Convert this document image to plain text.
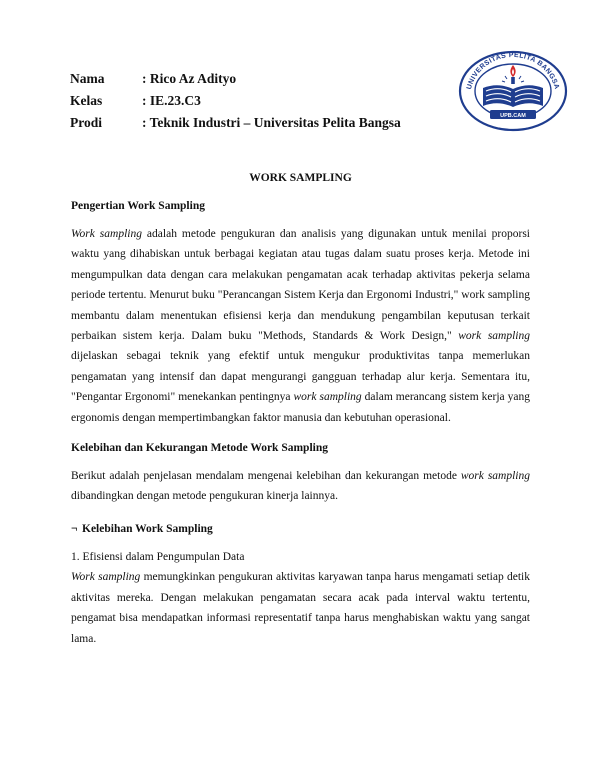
Nama	: Rico Az Adityo
Kelas	: IE.23.C3
Prodi	: Teknik Industri – Universitas Pelita Bangsa
UNIVERSITAS PELITA BANGSA
UPB.CAM

WORK SAMPLING

Pengertian Work Sampling

Work sampling adalah metode pengukuran dan analisis yang digunakan untuk menilai proporsi waktu yang dihabiskan untuk berbagai kegiatan atau tugas dalam suatu proses kerja. Metode ini mengumpulkan data dengan cara melakukan pengamatan acak terhadap aktivitas pekerja selama periode tertentu. Menurut buku "Perancangan Sistem Kerja dan Ergonomi Industri," work sampling membantu dalam menentukan efisiensi kerja dan mendukung pengambilan keputusan terkait perbaikan sistem kerja. Dalam buku "Methods, Standards & Work Design," work sampling dijelaskan sebagai teknik yang efektif untuk mengukur produktivitas tanpa memerlukan pengamatan yang intensif dan dapat mengurangi gangguan terhadap alur kerja. Sementara itu, "Pengantar Ergonomi" menekankan pentingnya work sampling dalam merancang sistem kerja yang ergonomis dengan mempertimbangkan faktor manusia dan kebutuhan operasional.

Kelebihan dan Kekurangan Metode Work Sampling

Berikut adalah penjelasan mendalam mengenai kelebihan dan kekurangan metode work sampling dibandingkan dengan metode pengukuran kinerja lainnya.

¬ Kelebihan Work Sampling

1. Efisiensi dalam Pengumpulan Data

Work sampling memungkinkan pengukuran aktivitas karyawan tanpa harus mengamati setiap detik aktivitas mereka. Dengan melakukan pengamatan secara acak pada interval waktu tertentu, pengamat bisa mendapatkan informasi representatif tanpa harus menghabiskan waktu yang sangat lama.
